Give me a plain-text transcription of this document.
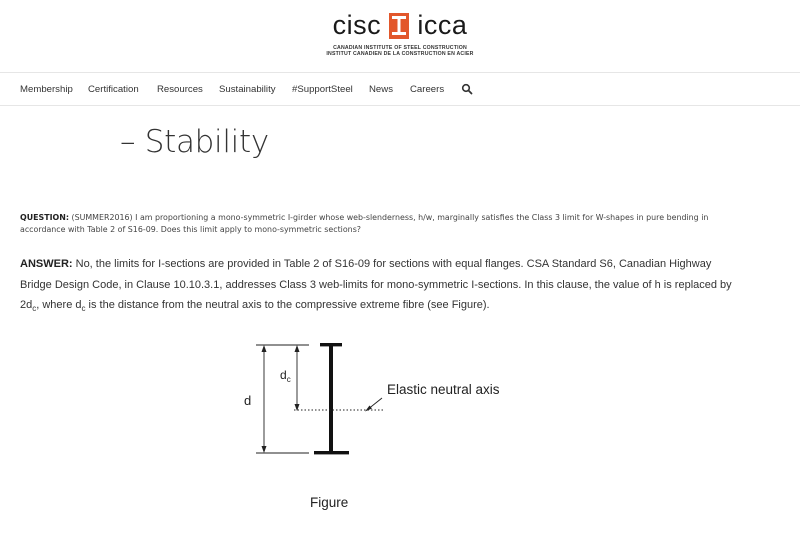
cisc icca
CANADIAN INSTITUTE OF STEEL CONSTRUCTION
INSTITUT CANADIEN DE LA CONSTRUCTION EN ACIER
Membership Certification Resources Sustainability #SupportSteel News Careers
– Stability
QUESTION: (SUMMER2016) I am proportioning a mono-symmetric I-girder whose web-slenderness, h/w, marginally satisfies the Class 3 limit for W-shapes in pure bending in accordance with Table 2 of S16-09. Does this limit apply to mono-symmetric sections?
ANSWER: No, the limits for I-sections are provided in Table 2 of S16-09 for sections with equal flanges. CSA Standard S6, Canadian Highway Bridge Design Code, in Clause 10.10.3.1, addresses Class 3 web-limits for mono-symmetric I-sections. In this clause, the value of h is replaced by $2d_c$, where $d_c$ is the distance from the neutral axis to the compressive extreme fibre (see Figure).
d
$d_c$
Elastic neutral axis
Figure
